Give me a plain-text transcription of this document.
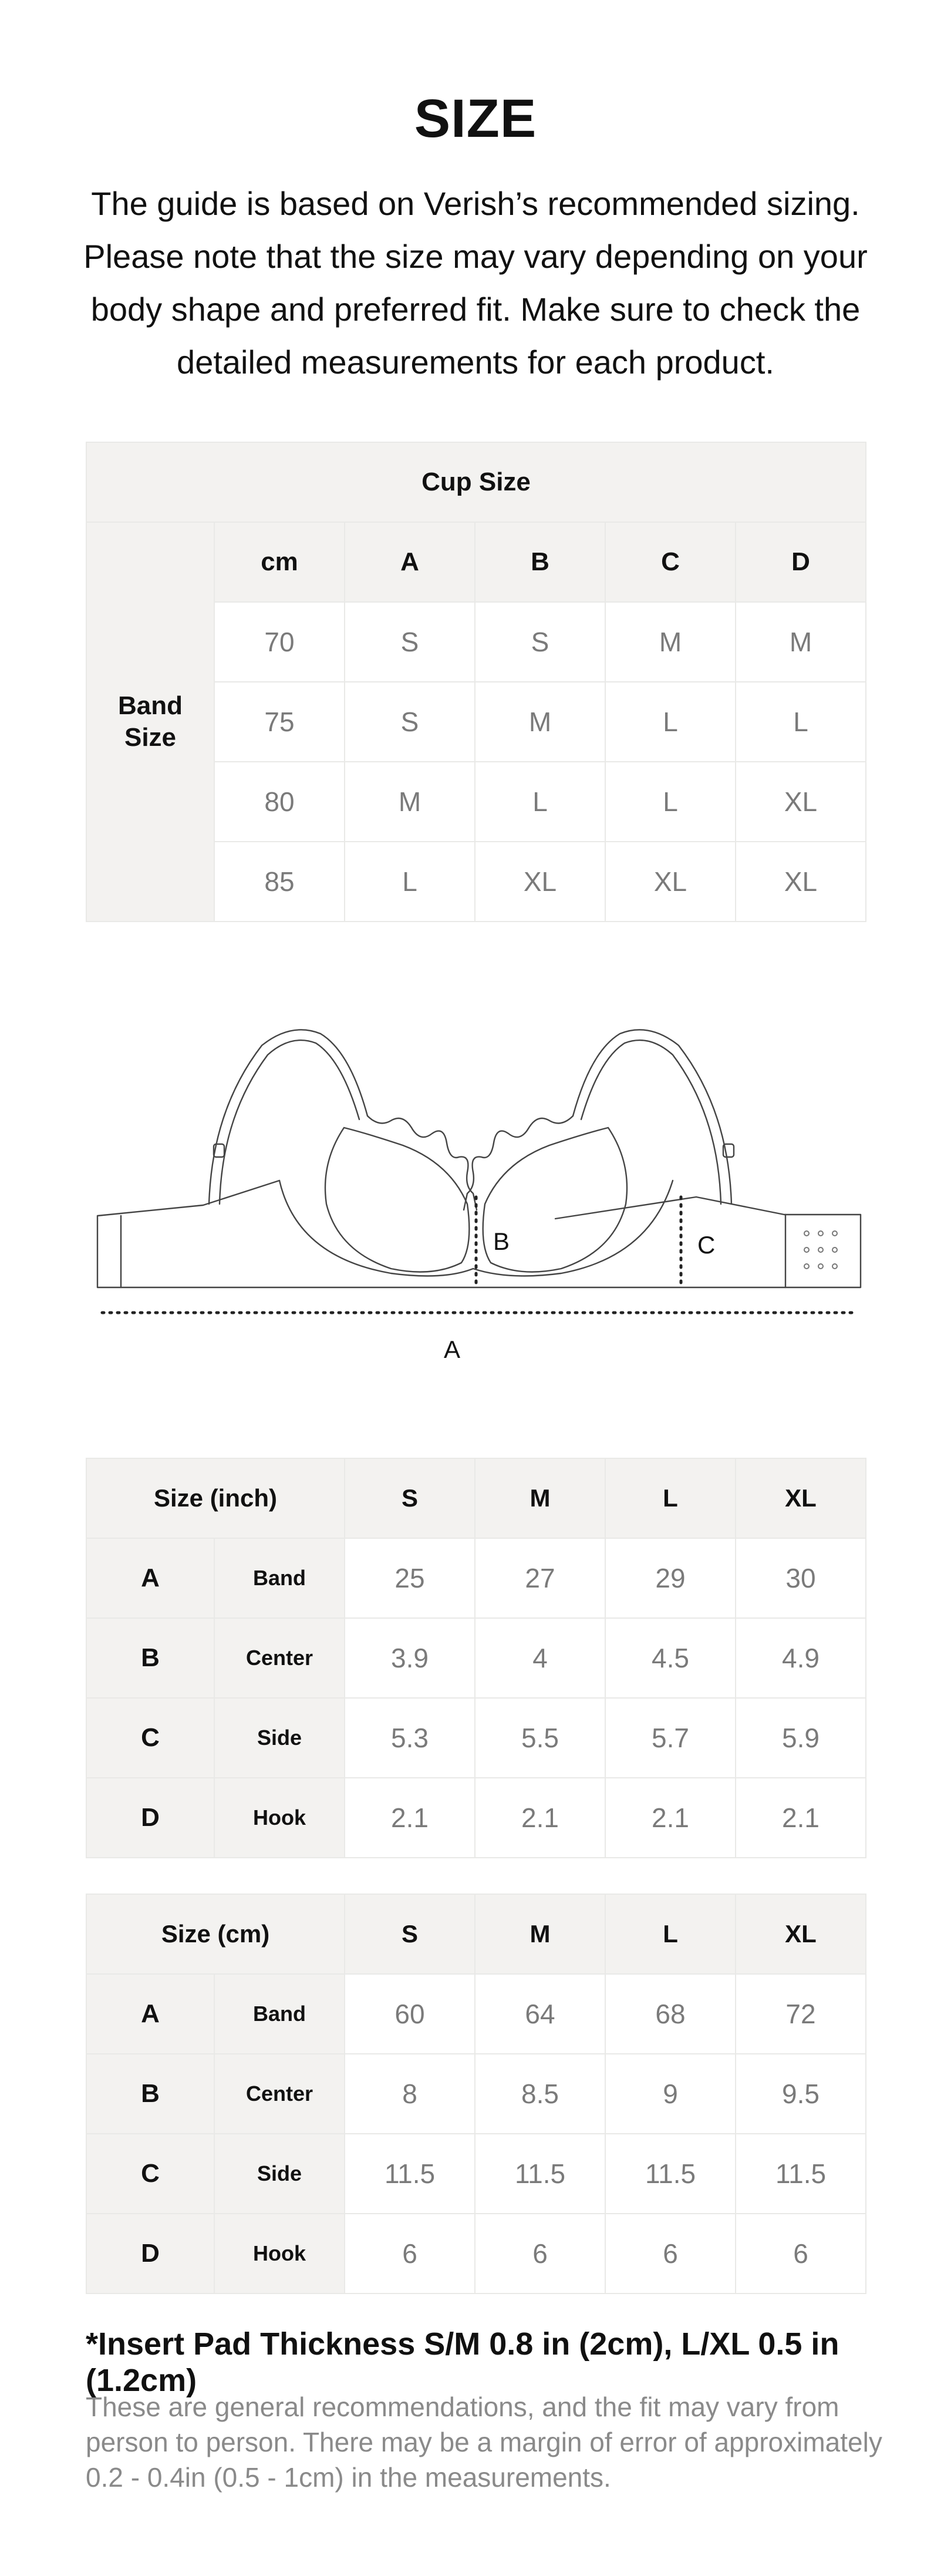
SIZE
The guide is based on Verish’s recommended sizing. Please note that the size may vary depending on your body shape and preferred fit. Make sure to check the detailed measurements for each product.
Cup Size					
Band Size	cm	A	B	C	D
	70	S	S	M	M
	75	S	M	L	L
	80	M	L	L	XL
	85	L	XL	XL	XL
B	C
A
Size (inch)		S	M	L	XL
A	Band	25	27	29	30
B	Center	3.9	4	4.5	4.9
C	Side	5.3	5.5	5.7	5.9
D	Hook	2.1	2.1	2.1	2.1
Size (cm)		S	M	L	XL
A	Band	60	64	68	72
B	Center	8	8.5	9	9.5
C	Side	11.5	11.5	11.5	11.5
D	Hook	6	6	6	6
*Insert Pad Thickness S/M 0.8 in (2cm), L/XL 0.5 in (1.2cm)
These are general recommendations, and the fit may vary from person to person. There may be a margin of error of approximately 0.2 - 0.4in (0.5 - 1cm) in the measurements.
